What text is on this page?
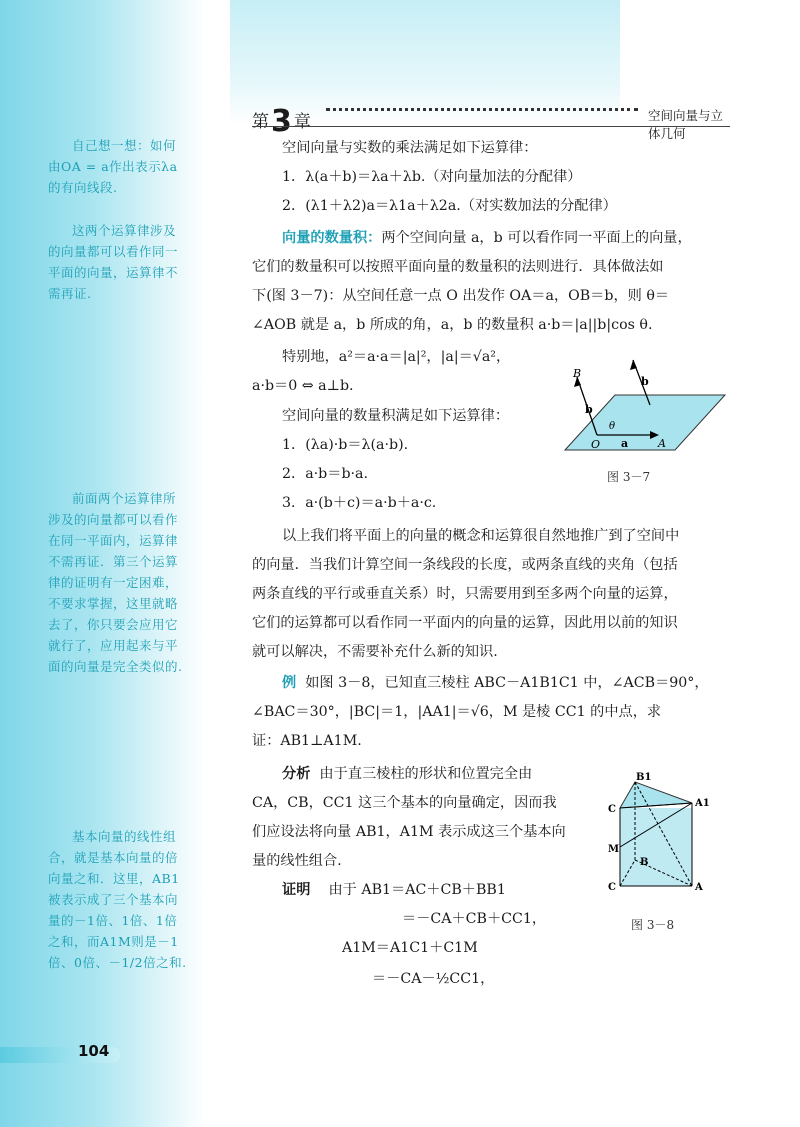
自己想一想：如何由OA = a作出表示λa的有向线段.
这两个运算律涉及的向量都可以看作同一平面的向量，运算律不需再证.
前面两个运算律所涉及的向量都可以看作在同一平面内，运算律不需再证．第三个运算律的证明有一定困难，不要求掌握，这里就略去了，你只要会应用它就行了，应用起来与平面的向量是完全类似的.
基本向量的线性组合，就是基本向量的倍向量之和．这里，AB1被表示成了三个基本向量的－1倍、1倍、1倍之和，而A1M则是－1倍、0倍、－1/2倍之和.
第3 章	空间向量与立体几何
空间向量与实数的乘法满足如下运算律：
1．λ(a＋b)＝λa＋λb.（对向量加法的分配律）
2．(λ1＋λ2)a＝λ1a＋λ2a.（对实数加法的分配律）
向量的数量积：两个空间向量 a，b 可以看作同一平面上的向量，
它们的数量积可以按照平面向量的数量积的法则进行．具体做法如
下(图 3－7)：从空间任意一点 O 出发作 OA＝a，OB＝b，则 θ＝
∠AOB 就是 a，b 所成的角，a，b 的数量积 a·b＝|a||b|cos θ.
特别地，a²＝a·a＝|a|²，|a|＝√a²，
a·b＝0 ⇔ a⊥b.
空间向量的数量积满足如下运算律：
1．(λa)·b＝λ(a·b).
2．a·b＝b·a.
3．a·(b＋c)＝a·b＋a·c.
以上我们将平面上的向量的概念和运算很自然地推广到了空间中
的向量．当我们计算空间一条线段的长度，或两条直线的夹角（包括
两条直线的平行或垂直关系）时，只需要用到至多两个向量的运算，
它们的运算都可以看作同一平面内的向量的运算，因此用以前的知识
就可以解决，不需要补充什么新的知识.
例 如图 3－8，已知直三棱柱 ABC－A1B1C1 中，∠ACB＝90°，
∠BAC＝30°，|BC|＝1，|AA1|＝√6，M 是棱 CC1 的中点，求
证：AB1⊥A1M.
分析 由于直三棱柱的形状和位置完全由
CA，CB，CC1 这三个基本的向量确定，因而我
们应设法将向量 AB1，A1M 表示成这三个基本向
量的线性组合.
证明 由于 AB1＝AC＋CB＋BB1
＝－CA＋CB＋CC1，
A1M＝A1C1＋C1M
＝－CA－½CC1，
B
b
b
θ
O a	A
图 3－7
B1
C
A1
M
B
C	A
图 3－8
104
